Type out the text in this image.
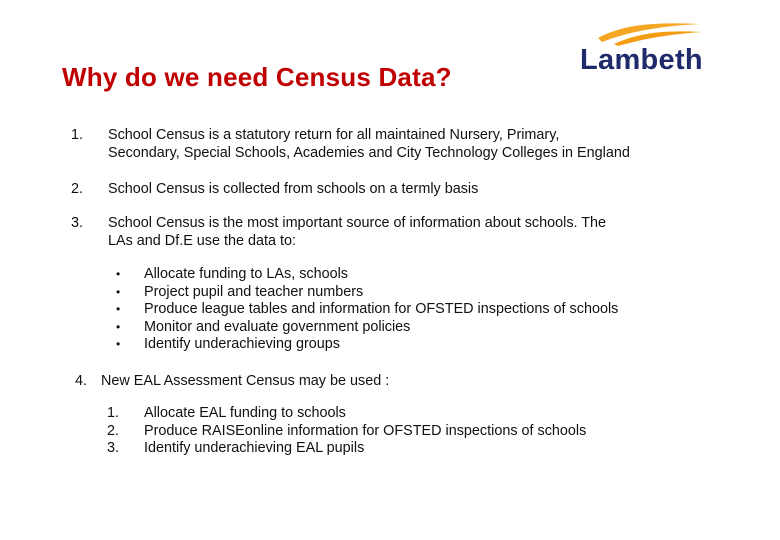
Why do we need Census Data?
Lambeth
1. School Census is a statutory return for all maintained Nursery, Primary,
Secondary, Special Schools, Academies and City Technology Colleges in England
2. School Census is collected from schools on a termly basis
3. School Census is the most important source of information about schools. The
LAs and Df.E use the data to:
• Allocate funding to LAs, schools
• Project pupil and teacher numbers
• Produce league tables and information for OFSTED inspections of schools
• Monitor and evaluate government policies
• Identify underachieving groups
4. New EAL Assessment Census may be used :
1. Allocate EAL funding to schools
2. Produce RAISEonline information for OFSTED inspections of schools
3. Identify underachieving EAL pupils
